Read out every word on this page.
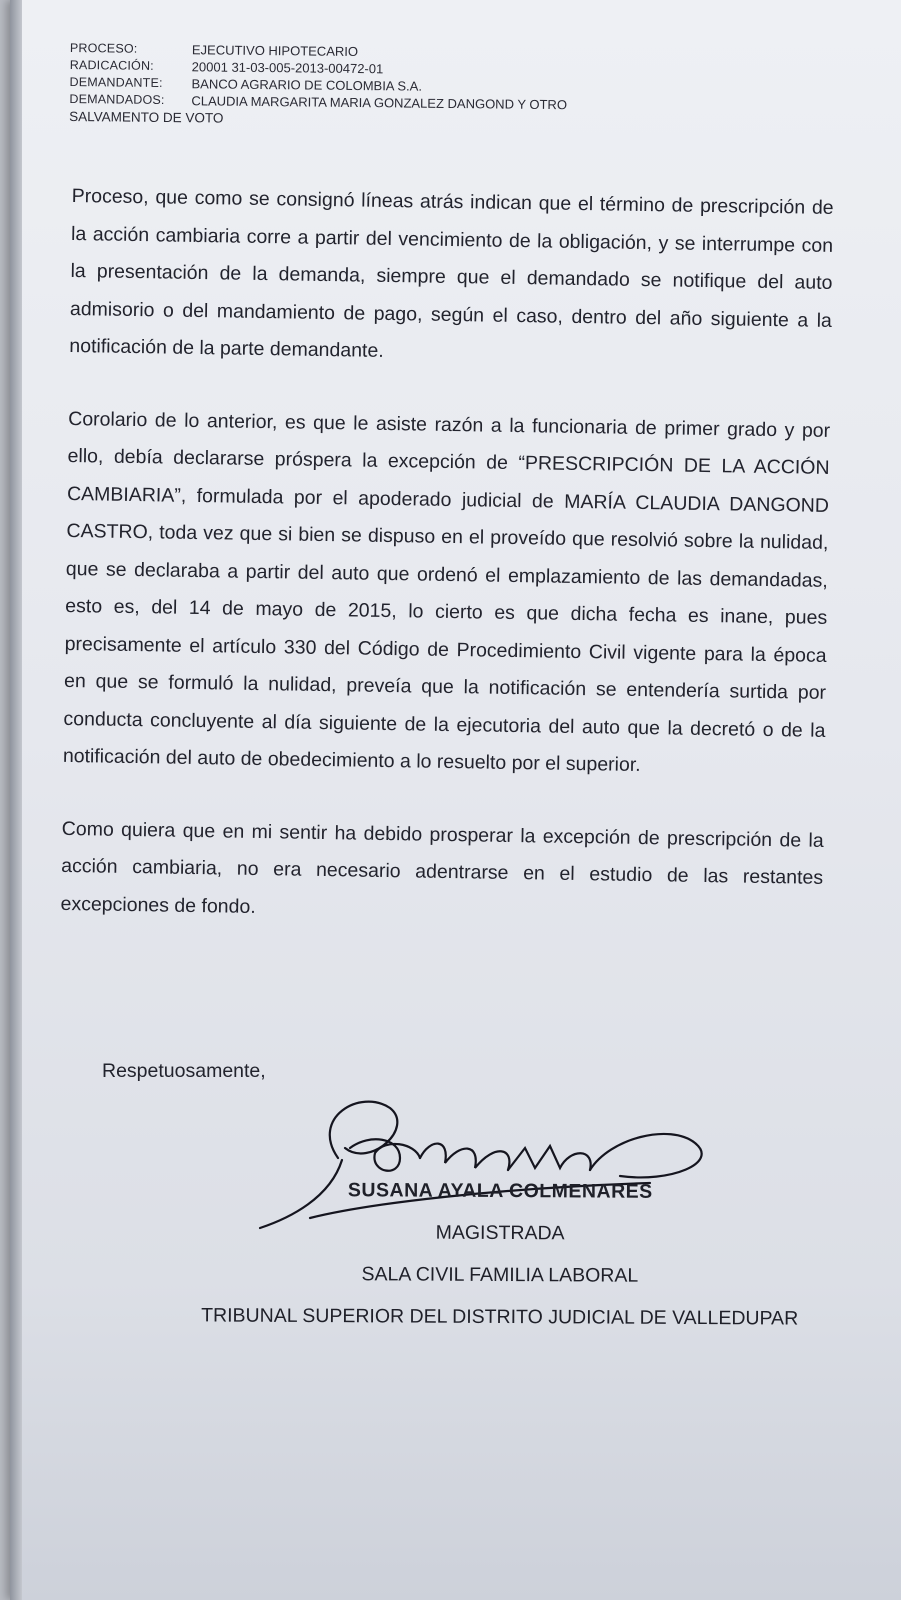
PROCESO:	EJECUTIVO HIPOTECARIO
RADICACIÓN:	20001 31-03-005-2013-00472-01
DEMANDANTE:	BANCO AGRARIO DE COLOMBIA S.A.
DEMANDADOS:	CLAUDIA MARGARITA MARIA GONZALEZ DANGOND Y OTRO
SALVAMENTO DE VOTO

Proceso, que como se consignó líneas atrás indican que el término de prescripción de la acción cambiaria corre a partir del vencimiento de la obligación, y se interrumpe con la presentación de la demanda, siempre que el demandado se notifique del auto admisorio o del mandamiento de pago, según el caso, dentro del año siguiente a la notificación de la parte demandante.

Corolario de lo anterior, es que le asiste razón a la funcionaria de primer grado y por ello, debía declararse próspera la excepción de “PRESCRIPCIÓN DE LA ACCIÓN CAMBIARIA”, formulada por el apoderado judicial de MARÍA CLAUDIA DANGOND CASTRO, toda vez que si bien se dispuso en el proveído que resolvió sobre la nulidad, que se declaraba a partir del auto que ordenó el emplazamiento de las demandadas, esto es, del 14 de mayo de 2015, lo cierto es que dicha fecha es inane, pues precisamente el artículo 330 del Código de Procedimiento Civil vigente para la época en que se formuló la nulidad, preveía que la notificación se entendería surtida por conducta concluyente al día siguiente de la ejecutoria del auto que la decretó o de la notificación del auto de obedecimiento a lo resuelto por el superior.

Como quiera que en mi sentir ha debido prosperar la excepción de prescripción de la acción cambiaria, no era necesario adentrarse en el estudio de las restantes excepciones de fondo.

Respetuosamente,
SUSANA AYALA COLMENARES
MAGISTRADA
SALA CIVIL FAMILIA LABORAL
TRIBUNAL SUPERIOR DEL DISTRITO JUDICIAL DE VALLEDUPAR
